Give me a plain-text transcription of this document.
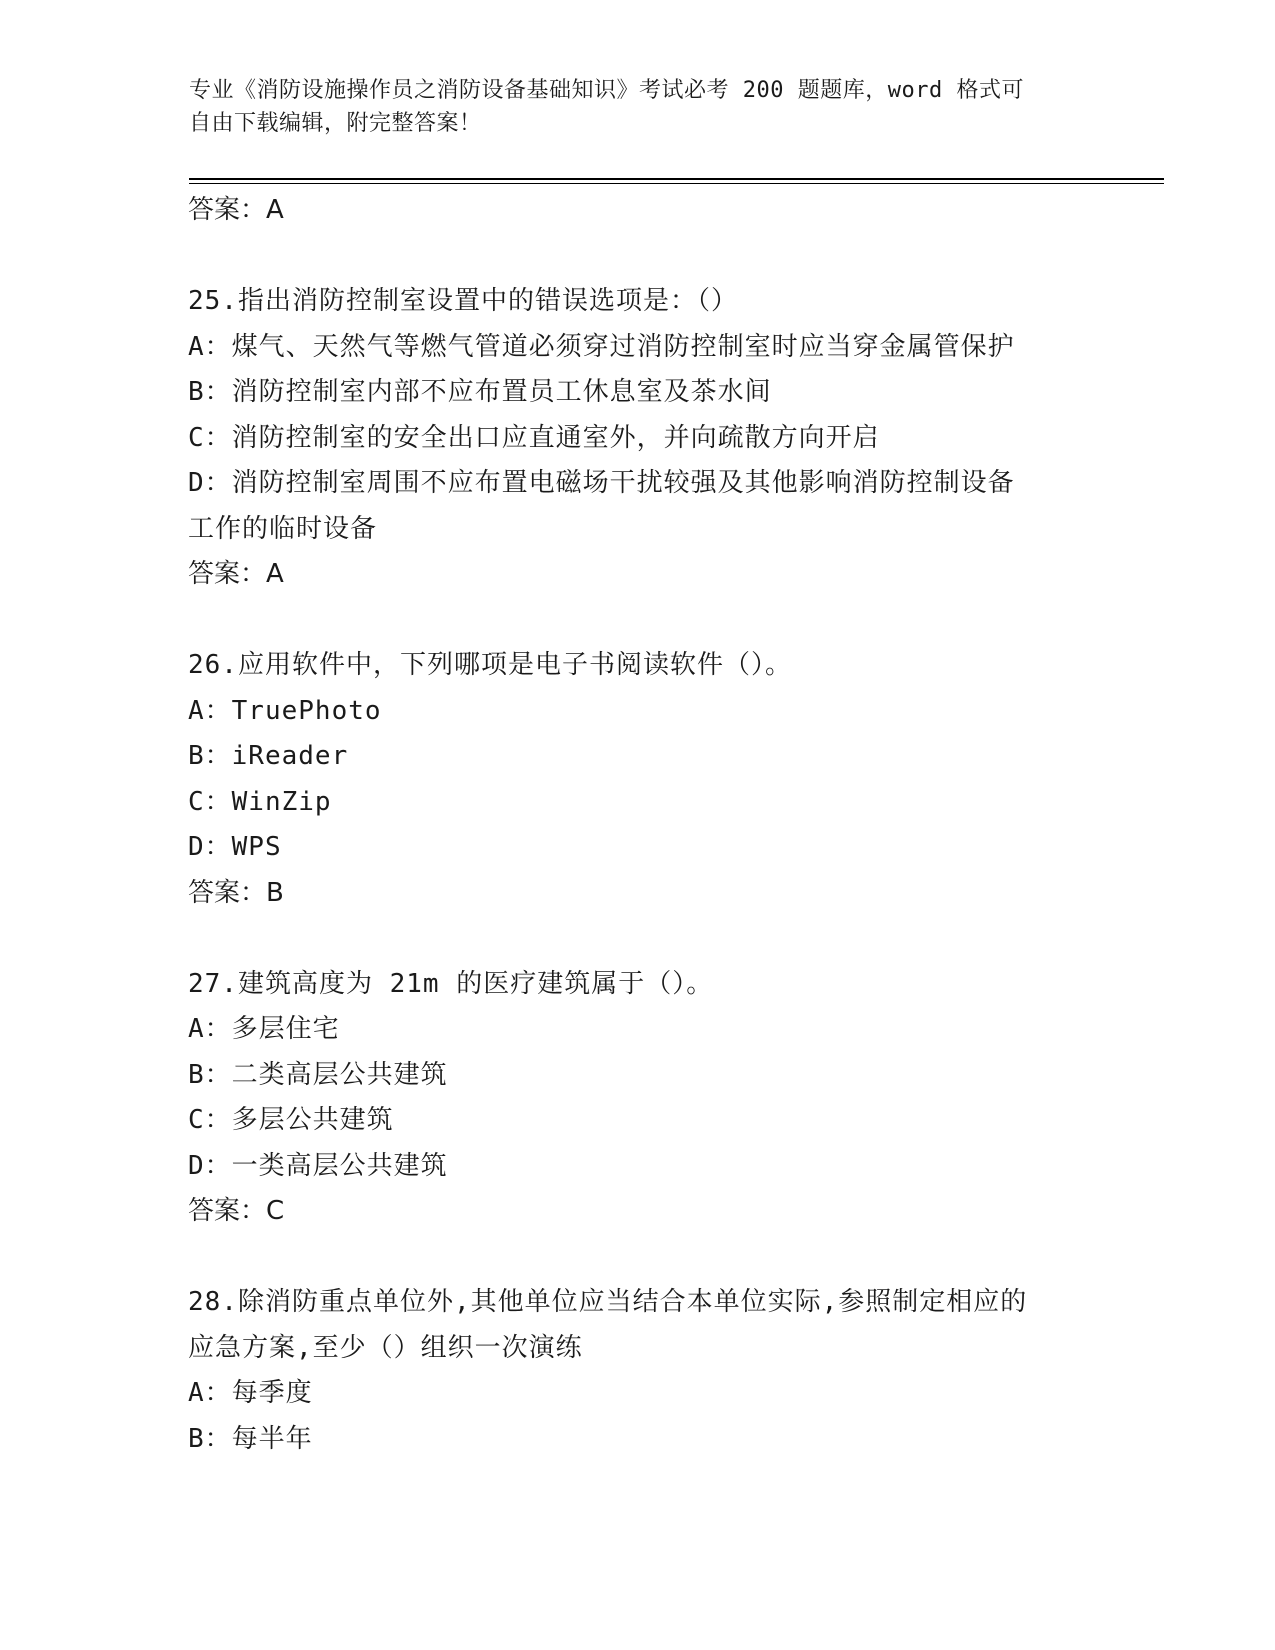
专业《消防设施操作员之消防设备基础知识》考试必考 200 题题库，word 格式可
自由下载编辑，附完整答案！
答案：A
25.指出消防控制室设置中的错误选项是：（）
A：煤气、天然气等燃气管道必须穿过消防控制室时应当穿金属管保护
B：消防控制室内部不应布置员工休息室及茶水间
C：消防控制室的安全出口应直通室外，并向疏散方向开启
D：消防控制室周围不应布置电磁场干扰较强及其他影响消防控制设备
工作的临时设备
答案：A
26.应用软件中，下列哪项是电子书阅读软件（）。
A：TruePhoto
B：iReader
C：WinZip
D：WPS
答案：B
27.建筑高度为 21m 的医疗建筑属于（）。
A：多层住宅
B：二类高层公共建筑
C：多层公共建筑
D：一类高层公共建筑
答案：C
28.除消防重点单位外,其他单位应当结合本单位实际,参照制定相应的
应急方案,至少（）组织一次演练
A：每季度
B：每半年
